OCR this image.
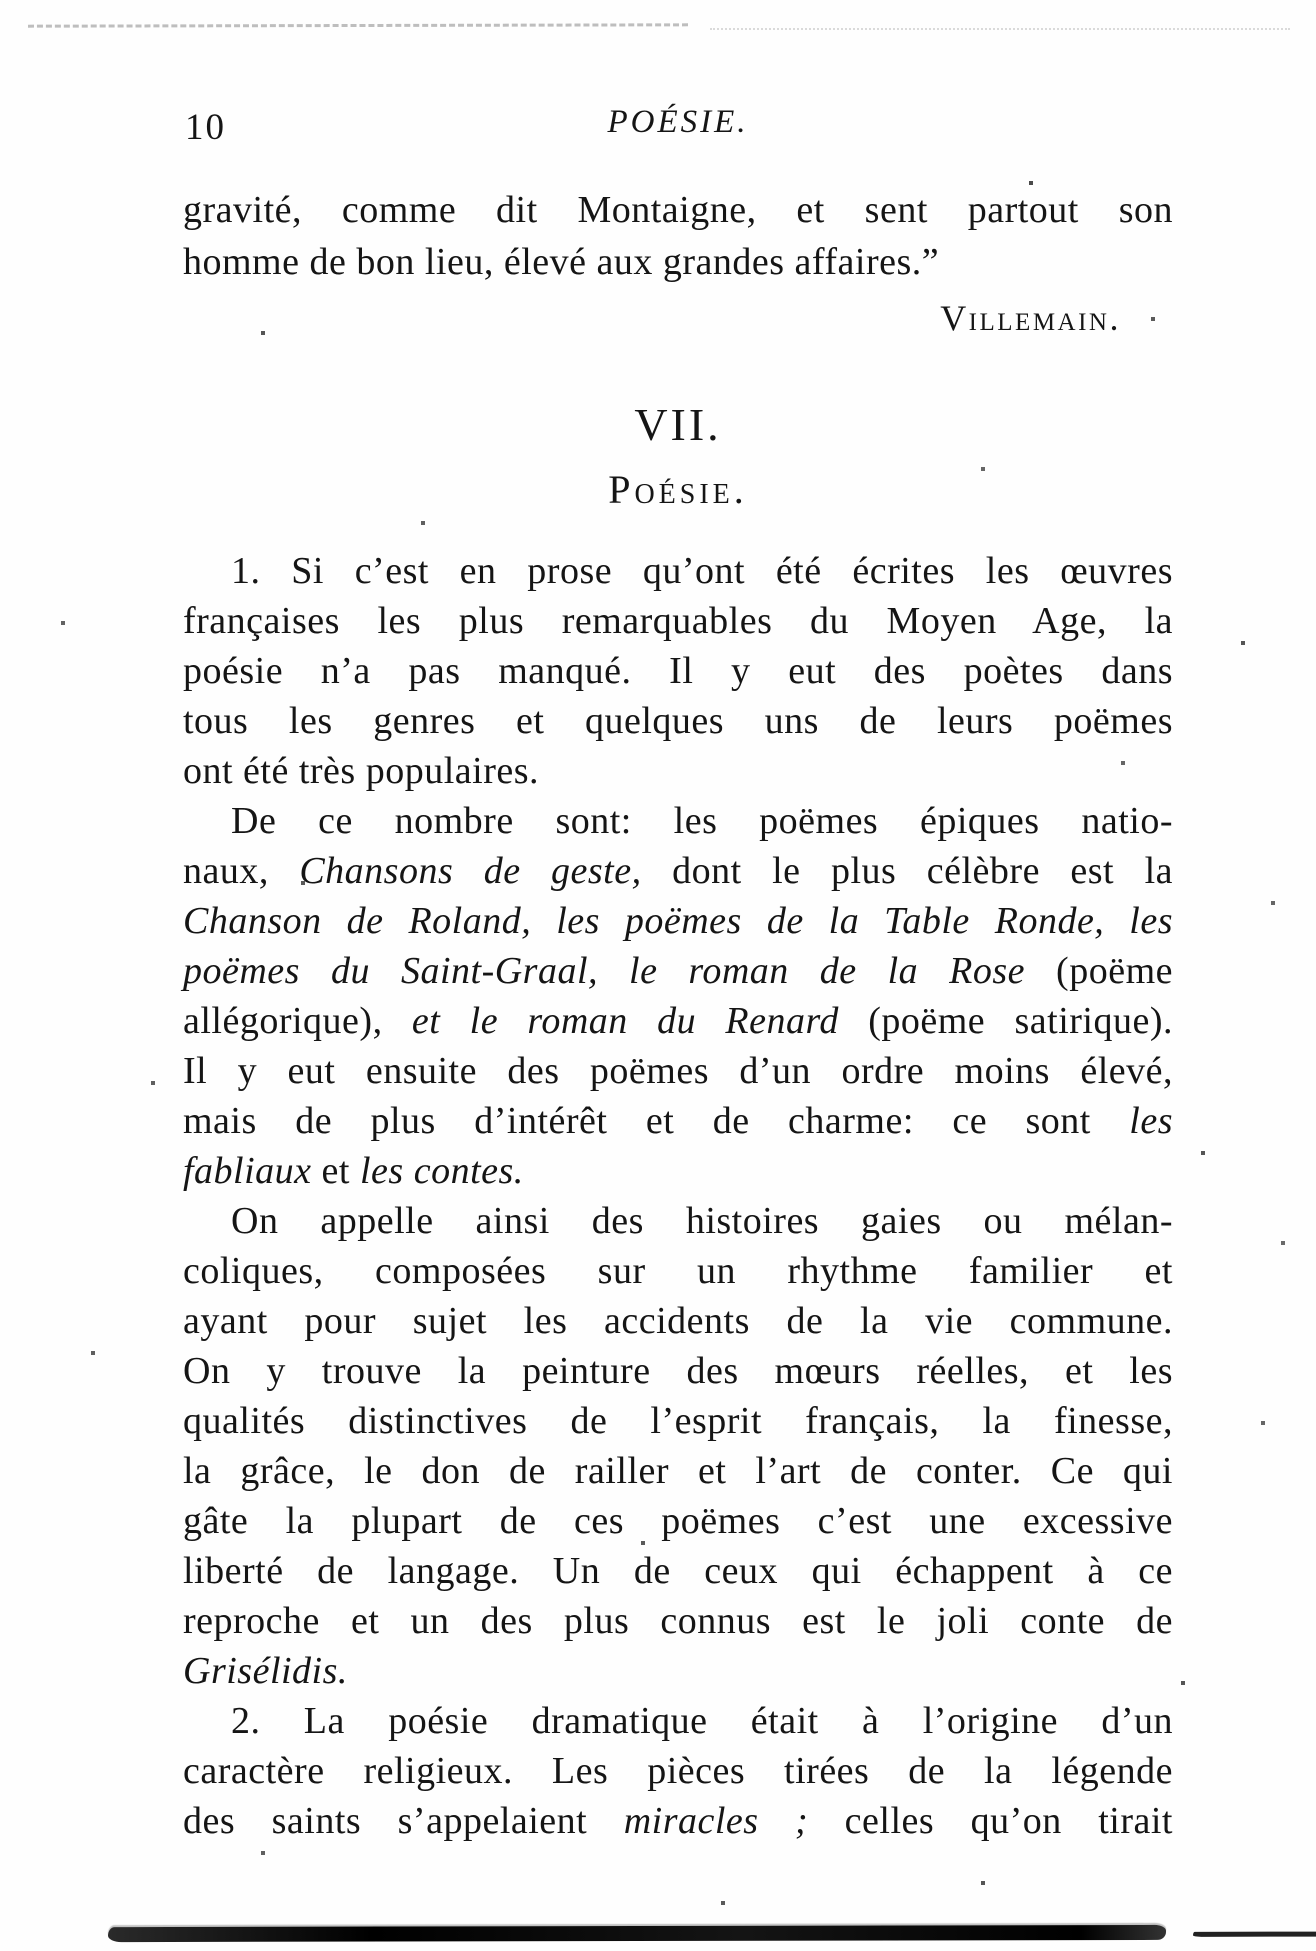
10	POÉSIE.
gravité, comme dit Montaigne, et sent partout son
homme de bon lieu, élevé aux grandes affaires.”
Villemain.
VII.
Poésie.
1. Si c’est en prose qu’ont été écrites les œuvres
françaises les plus remarquables du Moyen Age, la
poésie n’a pas manqué. Il y eut des poètes dans
tous les genres et quelques uns de leurs poëmes
ont été très populaires.
De ce nombre sont: les poëmes épiques natio-
naux, Chansons de geste, dont le plus célèbre est la
Chanson de Roland, les poëmes de la Table Ronde, les
poëmes du Saint-Graal, le roman de la Rose (poëme
allégorique), et le roman du Renard (poëme satirique).
Il y eut ensuite des poëmes d’un ordre moins élevé,
mais de plus d’intérêt et de charme: ce sont les
fabliaux et les contes.
On appelle ainsi des histoires gaies ou mélan-
coliques, composées sur un rhythme familier et
ayant pour sujet les accidents de la vie commune.
On y trouve la peinture des mœurs réelles, et les
qualités distinctives de l’esprit français, la finesse,
la grâce, le don de railler et l’art de conter. Ce qui
gâte la plupart de ces poëmes c’est une excessive
liberté de langage. Un de ceux qui échappent à ce
reproche et un des plus connus est le joli conte de
Grisélidis.
2. La poésie dramatique était à l’origine d’un
caractère religieux. Les pièces tirées de la légende
des saints s’appelaient miracles ; celles qu’on tirait
